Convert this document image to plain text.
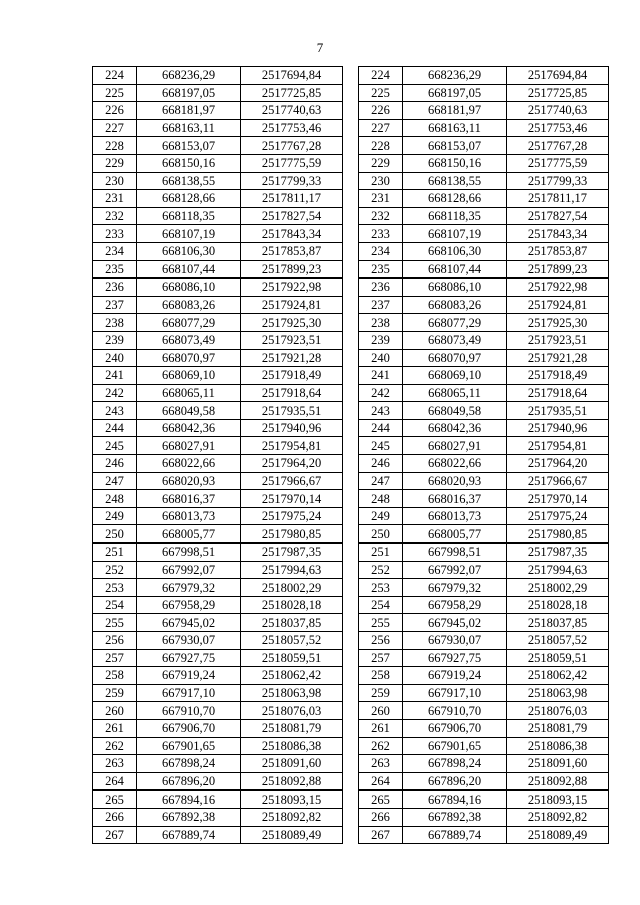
7
224	668236,29	2517694,84
225	668197,05	2517725,85
226	668181,97	2517740,63
227	668163,11	2517753,46
228	668153,07	2517767,28
229	668150,16	2517775,59
230	668138,55	2517799,33
231	668128,66	2517811,17
232	668118,35	2517827,54
233	668107,19	2517843,34
234	668106,30	2517853,87
235	668107,44	2517899,23
236	668086,10	2517922,98
237	668083,26	2517924,81
238	668077,29	2517925,30
239	668073,49	2517923,51
240	668070,97	2517921,28
241	668069,10	2517918,49
242	668065,11	2517918,64
243	668049,58	2517935,51
244	668042,36	2517940,96
245	668027,91	2517954,81
246	668022,66	2517964,20
247	668020,93	2517966,67
248	668016,37	2517970,14
249	668013,73	2517975,24
250	668005,77	2517980,85
251	667998,51	2517987,35
252	667992,07	2517994,63
253	667979,32	2518002,29
254	667958,29	2518028,18
255	667945,02	2518037,85
256	667930,07	2518057,52
257	667927,75	2518059,51
258	667919,24	2518062,42
259	667917,10	2518063,98
260	667910,70	2518076,03
261	667906,70	2518081,79
262	667901,65	2518086,38
263	667898,24	2518091,60
264	667896,20	2518092,88
265	667894,16	2518093,15
266	667892,38	2518092,82
267	667889,74	2518089,49
224	668236,29	2517694,84
225	668197,05	2517725,85
226	668181,97	2517740,63
227	668163,11	2517753,46
228	668153,07	2517767,28
229	668150,16	2517775,59
230	668138,55	2517799,33
231	668128,66	2517811,17
232	668118,35	2517827,54
233	668107,19	2517843,34
234	668106,30	2517853,87
235	668107,44	2517899,23
236	668086,10	2517922,98
237	668083,26	2517924,81
238	668077,29	2517925,30
239	668073,49	2517923,51
240	668070,97	2517921,28
241	668069,10	2517918,49
242	668065,11	2517918,64
243	668049,58	2517935,51
244	668042,36	2517940,96
245	668027,91	2517954,81
246	668022,66	2517964,20
247	668020,93	2517966,67
248	668016,37	2517970,14
249	668013,73	2517975,24
250	668005,77	2517980,85
251	667998,51	2517987,35
252	667992,07	2517994,63
253	667979,32	2518002,29
254	667958,29	2518028,18
255	667945,02	2518037,85
256	667930,07	2518057,52
257	667927,75	2518059,51
258	667919,24	2518062,42
259	667917,10	2518063,98
260	667910,70	2518076,03
261	667906,70	2518081,79
262	667901,65	2518086,38
263	667898,24	2518091,60
264	667896,20	2518092,88
265	667894,16	2518093,15
266	667892,38	2518092,82
267	667889,74	2518089,49
